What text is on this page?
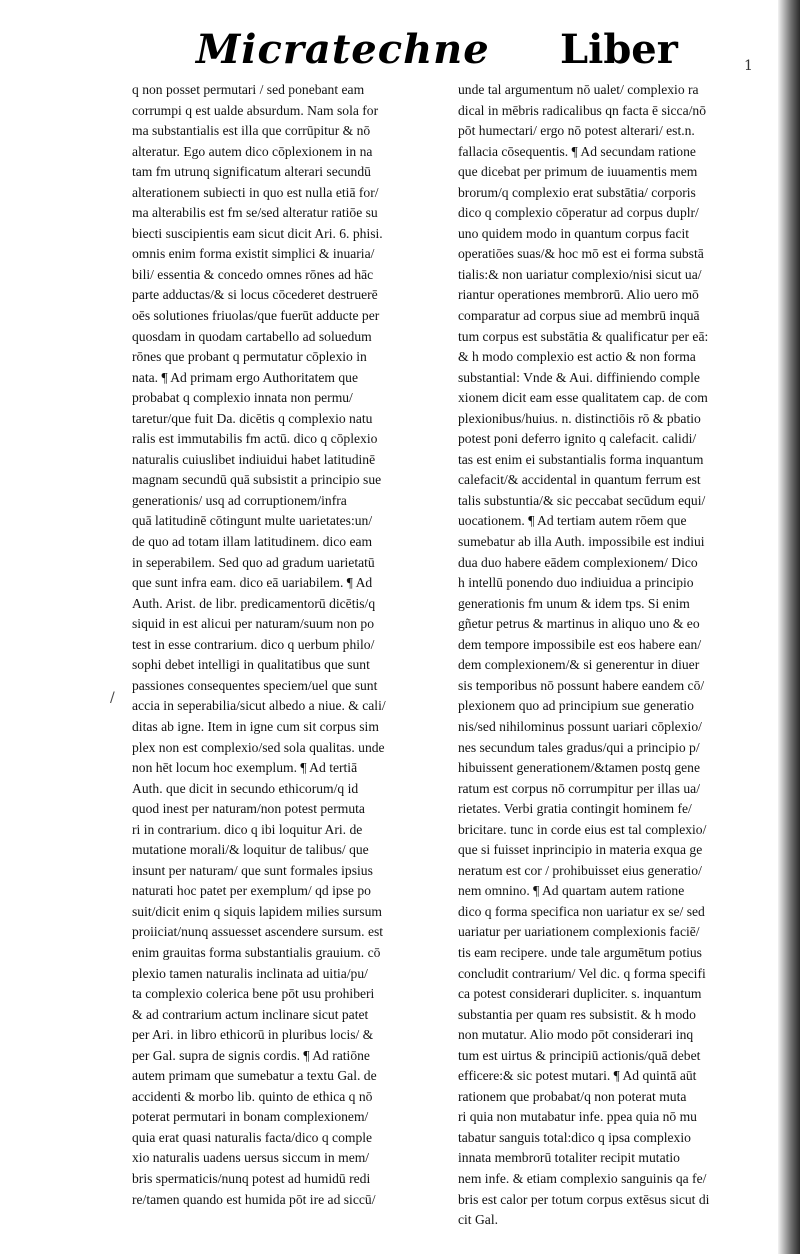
Micratechne Liber	1
/
q non posset permutari / sed ponebant eam
corrumpi q est ualde absurdum. Nam sola for
ma substantialis est illa que corrūpitur & nō
alteratur. Ego autem dico cōplexionem in na
tam fm utrunq significatum alterari secundū
alterationem subiecti in quo est nulla etiā for/
ma alterabilis est fm se/sed alteratur ratiōe su
biecti suscipientis eam sicut dicit Ari. 6. phisi.
omnis enim forma existit simplici & inuaria/
bili/ essentia & concedo omnes rōnes ad hāc
parte adductas/& si locus cōcederet destruerē
oēs solutiones friuolas/que fuerūt adducte per
quosdam in quodam cartabello ad soluedum
rōnes que probant q permutatur cōplexio in
nata. ¶ Ad primam ergo Authoritatem que
probabat q complexio innata non permu/
taretur/que fuit Da. dicētis q complexio natu
ralis est immutabilis fm actū. dico q cōplexio
naturalis cuiuslibet indiuidui habet latitudinē
magnam secundū quā subsistit a principio sue
generationis/ usq ad corruptionem/infra
quā latitudinē cōtingunt multe uarietates:un/
de quo ad totam illam latitudinem. dico eam
in seperabilem. Sed quo ad gradum uarietatū
que sunt infra eam. dico eā uariabilem. ¶ Ad
Auth. Arist. de libr. predicamentorū dicētis/q
siquid in est alicui per naturam/suum non po
test in esse contrarium. dico q uerbum philo/
sophi debet intelligi in qualitatibus que sunt
passiones consequentes speciem/uel que sunt
accia in seperabilia/sicut albedo a niue. & cali/
ditas ab igne. Item in igne cum sit corpus sim
plex non est complexio/sed sola qualitas. unde
non hēt locum hoc exemplum. ¶ Ad tertiā
Auth. que dicit in secundo ethicorum/q id
quod inest per naturam/non potest permuta
ri in contrarium. dico q ibi loquitur Ari. de
mutatione morali/& loquitur de talibus/ que
insunt per naturam/ que sunt formales ipsius
naturati hoc patet per exemplum/ qd ipse po
suit/dicit enim q siquis lapidem milies sursum
proiiciat/nunq assuesset ascendere sursum. est
enim grauitas forma substantialis grauium. cō
plexio tamen naturalis inclinata ad uitia/pu/
ta complexio colerica bene pōt usu prohiberi
& ad contrarium actum inclinare sicut patet
per Ari. in libro ethicorū in pluribus locis/ &
per Gal. supra de signis cordis. ¶ Ad ratiōne
autem primam que sumebatur a textu Gal. de
accidenti & morbo lib. quinto de ethica q nō
poterat permutari in bonam complexionem/
quia erat quasi naturalis facta/dico q comple
xio naturalis uadens uersus siccum in mem/
bris spermaticis/nunq potest ad humidū redi
re/tamen quando est humida pōt ire ad siccū/
unde tal argumentum nō ualet/ complexio ra
dical in mēbris radicalibus qn facta ē sicca/nō
pōt humectari/ ergo nō potest alterari/ est.n.
fallacia cōsequentis. ¶ Ad secundam ratione
que dicebat per primum de iuuamentis mem
brorum/q complexio erat substātia/ corporis
dico q complexio cōperatur ad corpus duplr/
uno quidem modo in quantum corpus facit
operatiōes suas/& hoc mō est ei forma substā
tialis:& non uariatur complexio/nisi sicut ua/
riantur operationes membrorū. Alio uero mō
comparatur ad corpus siue ad membrū inquā
tum corpus est substātia & qualificatur per eā:
& h modo complexio est actio & non forma
substantial: Vnde & Aui. diffiniendo comple
xionem dicit eam esse qualitatem cap. de com
plexionibus/huius. n. distinctiōis rō & pbatio
potest poni deferro ignito q calefacit. calidi/
tas est enim ei substantialis forma inquantum
calefacit/& accidental in quantum ferrum est
talis substuntia/& sic peccabat secūdum equi/
uocationem. ¶ Ad tertiam autem rōem que
sumebatur ab illa Auth. impossibile est indiui
dua duo habere eādem complexionem/ Dico
h intellū ponendo duo indiuidua a principio
generationis fm unum & idem tps. Si enim
gñetur petrus & martinus in aliquo uno & eo
dem tempore impossibile est eos habere ean/
dem complexionem/& si generentur in diuer
sis temporibus nō possunt habere eandem cō/
plexionem quo ad principium sue generatio
nis/sed nihilominus possunt uariari cōplexio/
nes secundum tales gradus/qui a principio p/
hibuissent generationem/&tamen postq gene
ratum est corpus nō corrumpitur per illas ua/
rietates. Verbi gratia contingit hominem fe/
bricitare. tunc in corde eius est tal complexio/
que si fuisset inprincipio in materia exqua ge
neratum est cor / prohibuisset eius generatio/
nem omnino. ¶ Ad quartam autem ratione
dico q forma specifica non uariatur ex se/ sed
uariatur per uariationem complexionis faciē/
tis eam recipere. unde tale argumētum potius
concludit contrarium/ Vel dic. q forma specifi
ca potest considerari dupliciter. s. inquantum
substantia per quam res subsistit. & h modo
non mutatur. Alio modo pōt considerari inq
tum est uirtus & principiū actionis/quā debet
efficere:& sic potest mutari. ¶ Ad quintā aūt
rationem que probabat/q non poterat muta
ri quia non mutabatur infe. ppea quia nō mu
tabatur sanguis total:dico q ipsa complexio
innata membrorū totaliter recipit mutatio
nem infe. & etiam complexio sanguinis qa fe/
bris est calor per totum corpus extēsus sicut di
cit Gal.
